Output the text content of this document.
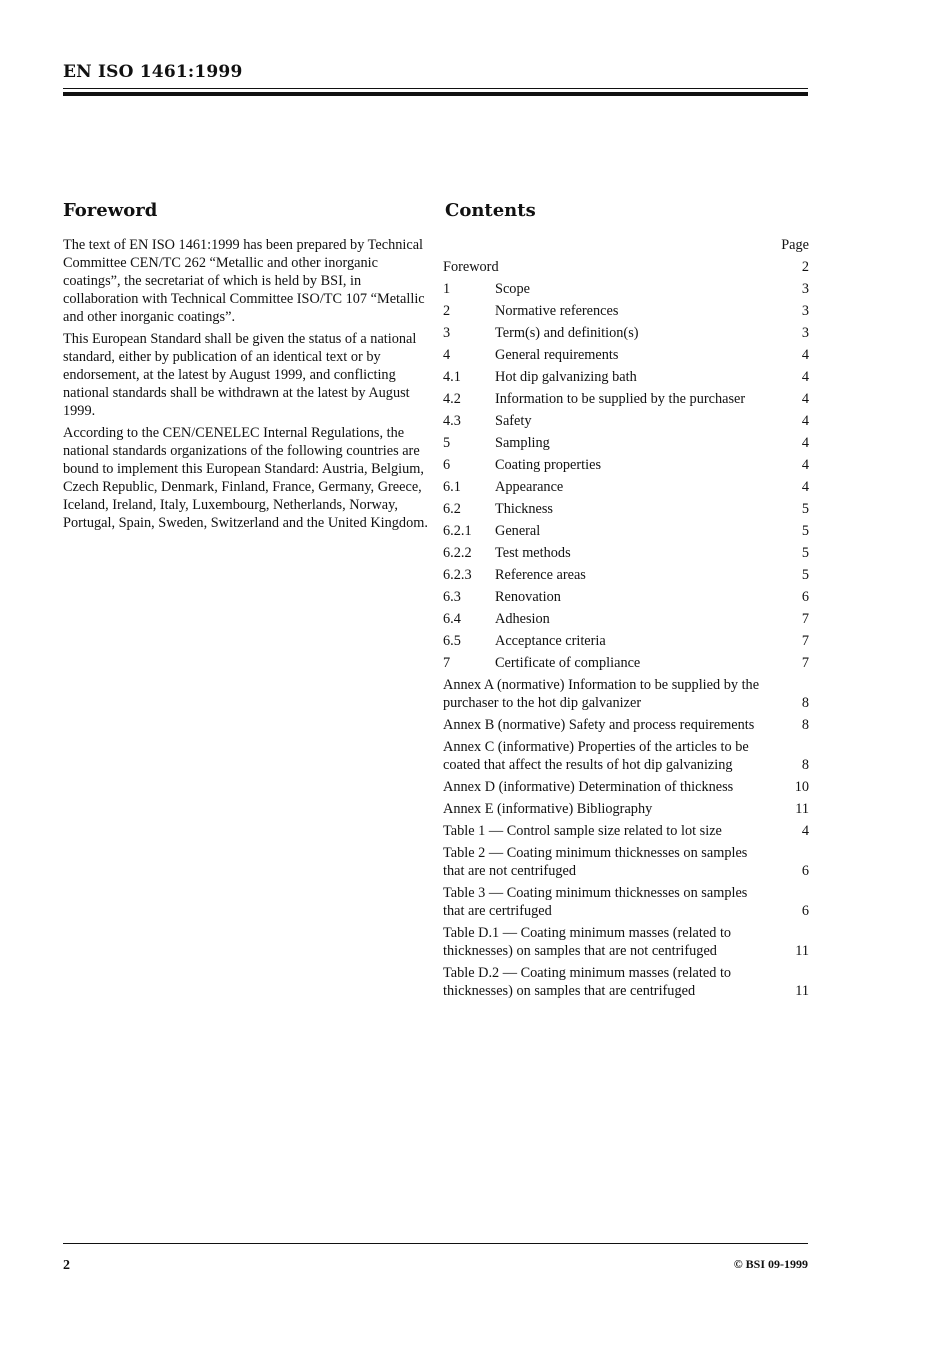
EN ISO 1461:1999
Foreword

The text of EN ISO 1461:1999 has been prepared by Technical Committee CEN/TC 262 “Metallic and other inorganic coatings”, the secretariat of which is held by BSI, in collaboration with Technical Committee ISO/TC 107 “Metallic and other inorganic coatings”.

This European Standard shall be given the status of a national standard, either by publication of an identical text or by endorsement, at the latest by August 1999, and conflicting national standards shall be withdrawn at the latest by August 1999.

According to the CEN/CENELEC Internal Regulations, the national standards organizations of the following countries are bound to implement this European Standard: Austria, Belgium, Czech Republic, Denmark, Finland, France, Germany, Greece, Iceland, Ireland, Italy, Luxembourg, Netherlands, Norway, Portugal, Spain, Sweden, Switzerland and the United Kingdom.

Contents
Page
Foreword	2
1	Scope	3
2	Normative references	3
3	Term(s) and definition(s)	3
4	General requirements	4
4.1	Hot dip galvanizing bath	4
4.2	Information to be supplied by the purchaser	4
4.3	Safety	4
5	Sampling	4
6	Coating properties	4
6.1	Appearance	4
6.2	Thickness	5
6.2.1	General	5
6.2.2	Test methods	5
6.2.3	Reference areas	5
6.3	Renovation	6
6.4	Adhesion	7
6.5	Acceptance criteria	7
7	Certificate of compliance	7
Annex A (normative) Information to be supplied by the purchaser to the hot dip galvanizer	8
Annex B (normative) Safety and process requirements	8
Annex C (informative) Properties of the articles to be coated that affect the results of hot dip galvanizing	8
Annex D (informative) Determination of thickness	10
Annex E (informative) Bibliography	11
Table 1 — Control sample size related to lot size	4
Table 2 — Coating minimum thicknesses on samples that are not centrifuged	6
Table 3 — Coating minimum thicknesses on samples that are certrifuged	6
Table D.1 — Coating minimum masses (related to thicknesses) on samples that are not centrifuged	11
Table D.2 — Coating minimum masses (related to thicknesses) on samples that are centrifuged	11
2	© BSI 09-1999
